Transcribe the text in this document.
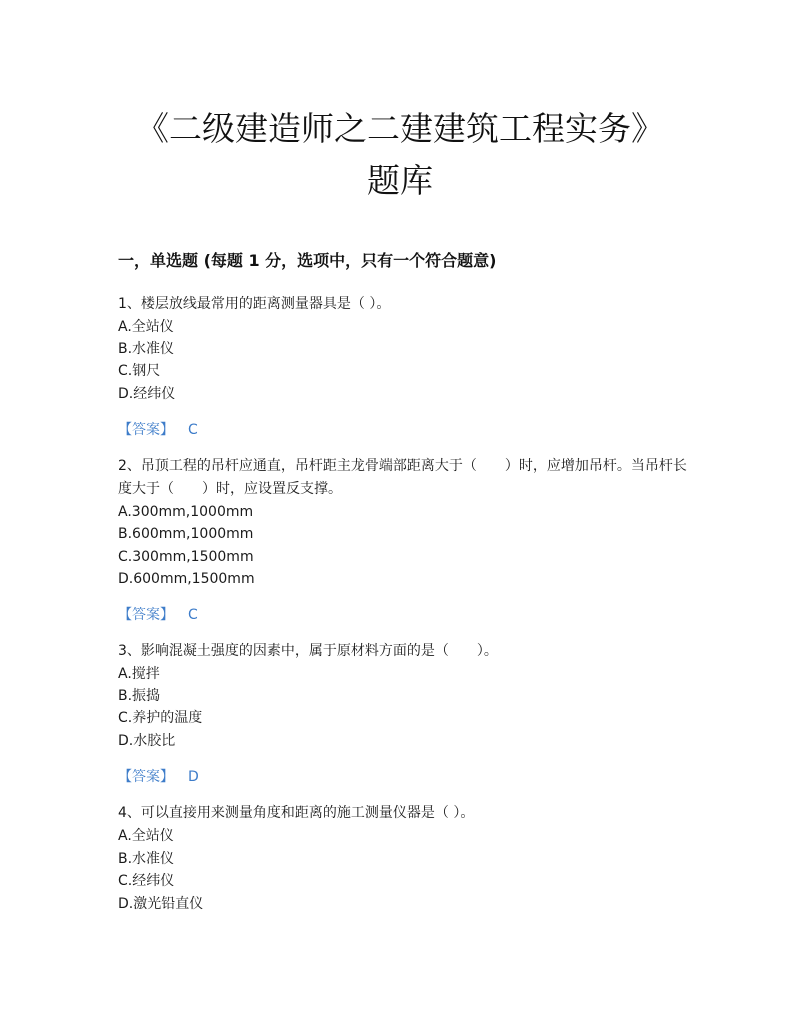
《二级建造师之二建建筑工程实务》
题库
一，单选题 (每题 1 分，选项中，只有一个符合题意)
1、楼层放线最常用的距离测量器具是（ ）。
A.全站仪
B.水准仪
C.钢尺
D.经纬仪
【答案】 C
2、吊顶工程的吊杆应通直，吊杆距主龙骨端部距离大于（　　）时，应增加吊杆。当吊杆长度大于（　　）时，应设置反支撑。
A.300mm,1000mm
B.600mm,1000mm
C.300mm,1500mm
D.600mm,1500mm
【答案】 C
3、影响混凝土强度的因素中，属于原材料方面的是（　　）。
A.搅拌
B.振捣
C.养护的温度
D.水胶比
【答案】 D
4、可以直接用来测量角度和距离的施工测量仪器是（ ）。
A.全站仪
B.水准仪
C.经纬仪
D.激光铅直仪
